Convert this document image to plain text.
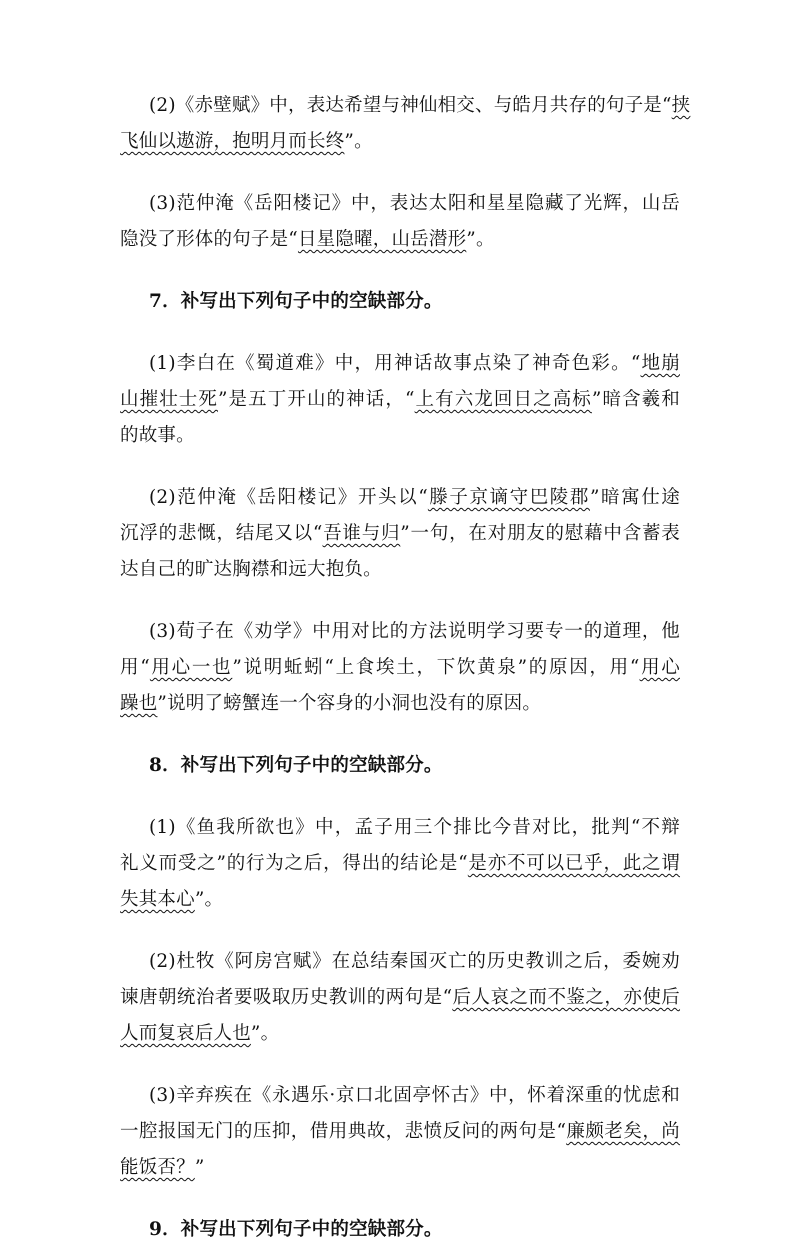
(2)《赤壁赋》中，表达希望与神仙相交、与皓月共存的句子是“挟
飞仙以遨游，抱明月而长终”。
(3)范仲淹《岳阳楼记》中，表达太阳和星星隐藏了光辉，山岳
隐没了形体的句子是“日星隐曜，山岳潜形”。
7．补写出下列句子中的空缺部分。
(1)李白在《蜀道难》中，用神话故事点染了神奇色彩。“地崩
山摧壮士死”是五丁开山的神话，“上有六龙回日之高标”暗含羲和
的故事。
(2)范仲淹《岳阳楼记》开头以“滕子京谪守巴陵郡”暗寓仕途
沉浮的悲慨，结尾又以“吾谁与归”一句，在对朋友的慰藉中含蓄表
达自己的旷达胸襟和远大抱负。
(3)荀子在《劝学》中用对比的方法说明学习要专一的道理，他
用“用心一也”说明蚯蚓“上食埃土，下饮黄泉”的原因，用“用心
躁也”说明了螃蟹连一个容身的小洞也没有的原因。
8．补写出下列句子中的空缺部分。
(1)《鱼我所欲也》中，孟子用三个排比今昔对比，批判“不辩
礼义而受之”的行为之后，得出的结论是“是亦不可以已乎，此之谓
失其本心”。
(2)杜牧《阿房宫赋》在总结秦国灭亡的历史教训之后，委婉劝
谏唐朝统治者要吸取历史教训的两句是“后人哀之而不鉴之，亦使后
人而复哀后人也”。
(3)辛弃疾在《永遇乐·京口北固亭怀古》中，怀着深重的忧虑和
一腔报国无门的压抑，借用典故，悲愤反问的两句是“廉颇老矣，尚
能饭否？”
9．补写出下列句子中的空缺部分。
